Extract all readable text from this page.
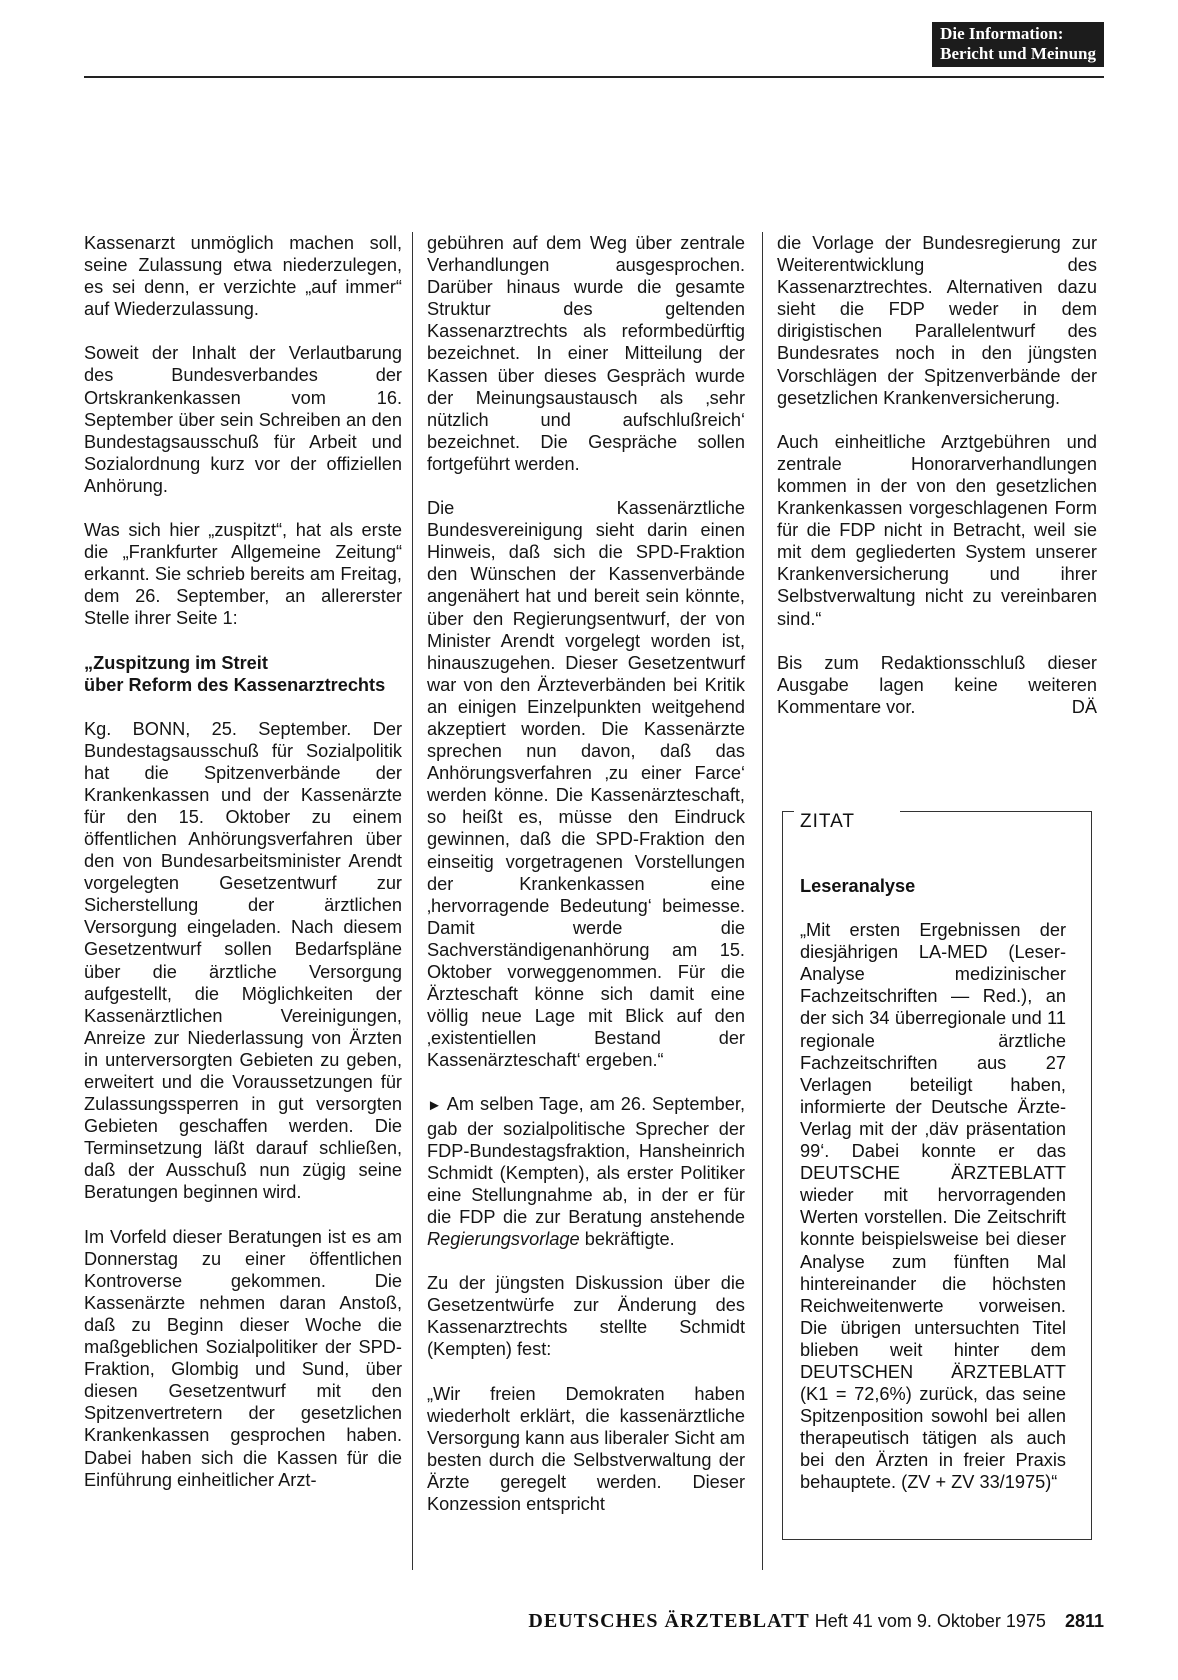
Die Information:
Bericht und Meinung

Kassenarzt unmöglich machen soll, seine Zulassung etwa niederzulegen, es sei denn, er verzichte „auf immer“ auf Wiederzulassung.

Soweit der Inhalt der Verlautbarung des Bundesverbandes der Ortskrankenkassen vom 16. September über sein Schreiben an den Bundestagsausschuß für Arbeit und Sozialordnung kurz vor der offiziellen Anhörung.

Was sich hier „zuspitzt“, hat als erste die „Frankfurter Allgemeine Zeitung“ erkannt. Sie schrieb bereits am Freitag, dem 26. September, an allererster Stelle ihrer Seite 1:

„Zuspitzung im Streit
über Reform des Kassenarztrechts

Kg. BONN, 25. September. Der Bundestagsausschuß für Sozialpolitik hat die Spitzenverbände der Krankenkassen und der Kassenärzte für den 15. Oktober zu einem öffentlichen Anhörungsverfahren über den von Bundesarbeitsminister Arendt vorgelegten Gesetzentwurf zur Sicherstellung der ärztlichen Versorgung eingeladen. Nach diesem Gesetzentwurf sollen Bedarfspläne über die ärztliche Versorgung aufgestellt, die Möglichkeiten der Kassenärztlichen Vereinigungen, Anreize zur Niederlassung von Ärzten in unterversorgten Gebieten zu geben, erweitert und die Voraussetzungen für Zulassungssperren in gut versorgten Gebieten geschaffen werden. Die Terminsetzung läßt darauf schließen, daß der Ausschuß nun zügig seine Beratungen beginnen wird.

Im Vorfeld dieser Beratungen ist es am Donnerstag zu einer öffentlichen Kontroverse gekommen. Die Kassenärzte nehmen daran Anstoß, daß zu Beginn dieser Woche die maßgeblichen Sozialpolitiker der SPD-Fraktion, Glombig und Sund, über diesen Gesetzentwurf mit den Spitzenvertretern der gesetzlichen Krankenkassen gesprochen haben. Dabei haben sich die Kassen für die Einführung einheitlicher Arzt-

gebühren auf dem Weg über zentrale Verhandlungen ausgesprochen. Darüber hinaus wurde die gesamte Struktur des geltenden Kassenarztrechts als reformbedürftig bezeichnet. In einer Mitteilung der Kassen über dieses Gespräch wurde der Meinungsaustausch als ‚sehr nützlich und aufschlußreich‘ bezeichnet. Die Gespräche sollen fortgeführt werden.

Die Kassenärztliche Bundesvereinigung sieht darin einen Hinweis, daß sich die SPD-Fraktion den Wünschen der Kassenverbände angenähert hat und bereit sein könnte, über den Regierungsentwurf, der von Minister Arendt vorgelegt worden ist, hinauszugehen. Dieser Gesetzentwurf war von den Ärzteverbänden bei Kritik an einigen Einzelpunkten weitgehend akzeptiert worden. Die Kassenärzte sprechen nun davon, daß das Anhörungsverfahren ‚zu einer Farce‘ werden könne. Die Kassenärzteschaft, so heißt es, müsse den Eindruck gewinnen, daß die SPD-Fraktion den einseitig vorgetragenen Vorstellungen der Krankenkassen eine ‚hervorragende Bedeutung‘ beimesse. Damit werde die Sachverständigenanhörung am 15. Oktober vorweggenommen. Für die Ärzteschaft könne sich damit eine völlig neue Lage mit Blick auf den ‚existentiellen Bestand der Kassenärzteschaft‘ ergeben.“

► Am selben Tage, am 26. September, gab der sozialpolitische Sprecher der FDP-Bundestagsfraktion, Hansheinrich Schmidt (Kempten), als erster Politiker eine Stellungnahme ab, in der er für die FDP die zur Beratung anstehende Regierungsvorlage bekräftigte.

Zu der jüngsten Diskussion über die Gesetzentwürfe zur Änderung des Kassenarztrechts stellte Schmidt (Kempten) fest:

„Wir freien Demokraten haben wiederholt erklärt, die kassenärztliche Versorgung kann aus liberaler Sicht am besten durch die Selbstverwaltung der Ärzte geregelt werden. Dieser Konzession entspricht

die Vorlage der Bundesregierung zur Weiterentwicklung des Kassenarztrechtes. Alternativen dazu sieht die FDP weder in dem dirigistischen Parallelentwurf des Bundesrates noch in den jüngsten Vorschlägen der Spitzenverbände der gesetzlichen Krankenversicherung.

Auch einheitliche Arztgebühren und zentrale Honorarverhandlungen kommen in der von den gesetzlichen Krankenkassen vorgeschlagenen Form für die FDP nicht in Betracht, weil sie mit dem gegliederten System unserer Krankenversicherung und ihrer Selbstverwaltung nicht zu vereinbaren sind.“

Bis zum Redaktionsschluß dieser Ausgabe lagen keine weiteren Kommentare vor.	DÄ

ZITAT
Leseranalyse

„Mit ersten Ergebnissen der diesjährigen LA-MED (Leser-Analyse medizinischer Fachzeitschriften — Red.), an der sich 34 überregionale und 11 regionale ärztliche Fachzeitschriften aus 27 Verlagen beteiligt haben, informierte der Deutsche Ärzte-Verlag mit der ‚däv präsentation 99‘. Dabei konnte er das DEUTSCHE ÄRZTEBLATT wieder mit hervorragenden Werten vorstellen. Die Zeitschrift konnte beispielsweise bei dieser Analyse zum fünften Mal hintereinander die höchsten Reichweitenwerte vorweisen. Die übrigen untersuchten Titel blieben weit hinter dem DEUTSCHEN ÄRZTEBLATT (K1 = 72,6%) zurück, das seine Spitzenposition sowohl bei allen therapeutisch tätigen als auch bei den Ärzten in freier Praxis behauptete. (ZV + ZV 33/1975)“

DEUTSCHES ÄRZTEBLATT Heft 41 vom 9. Oktober 1975 2811
